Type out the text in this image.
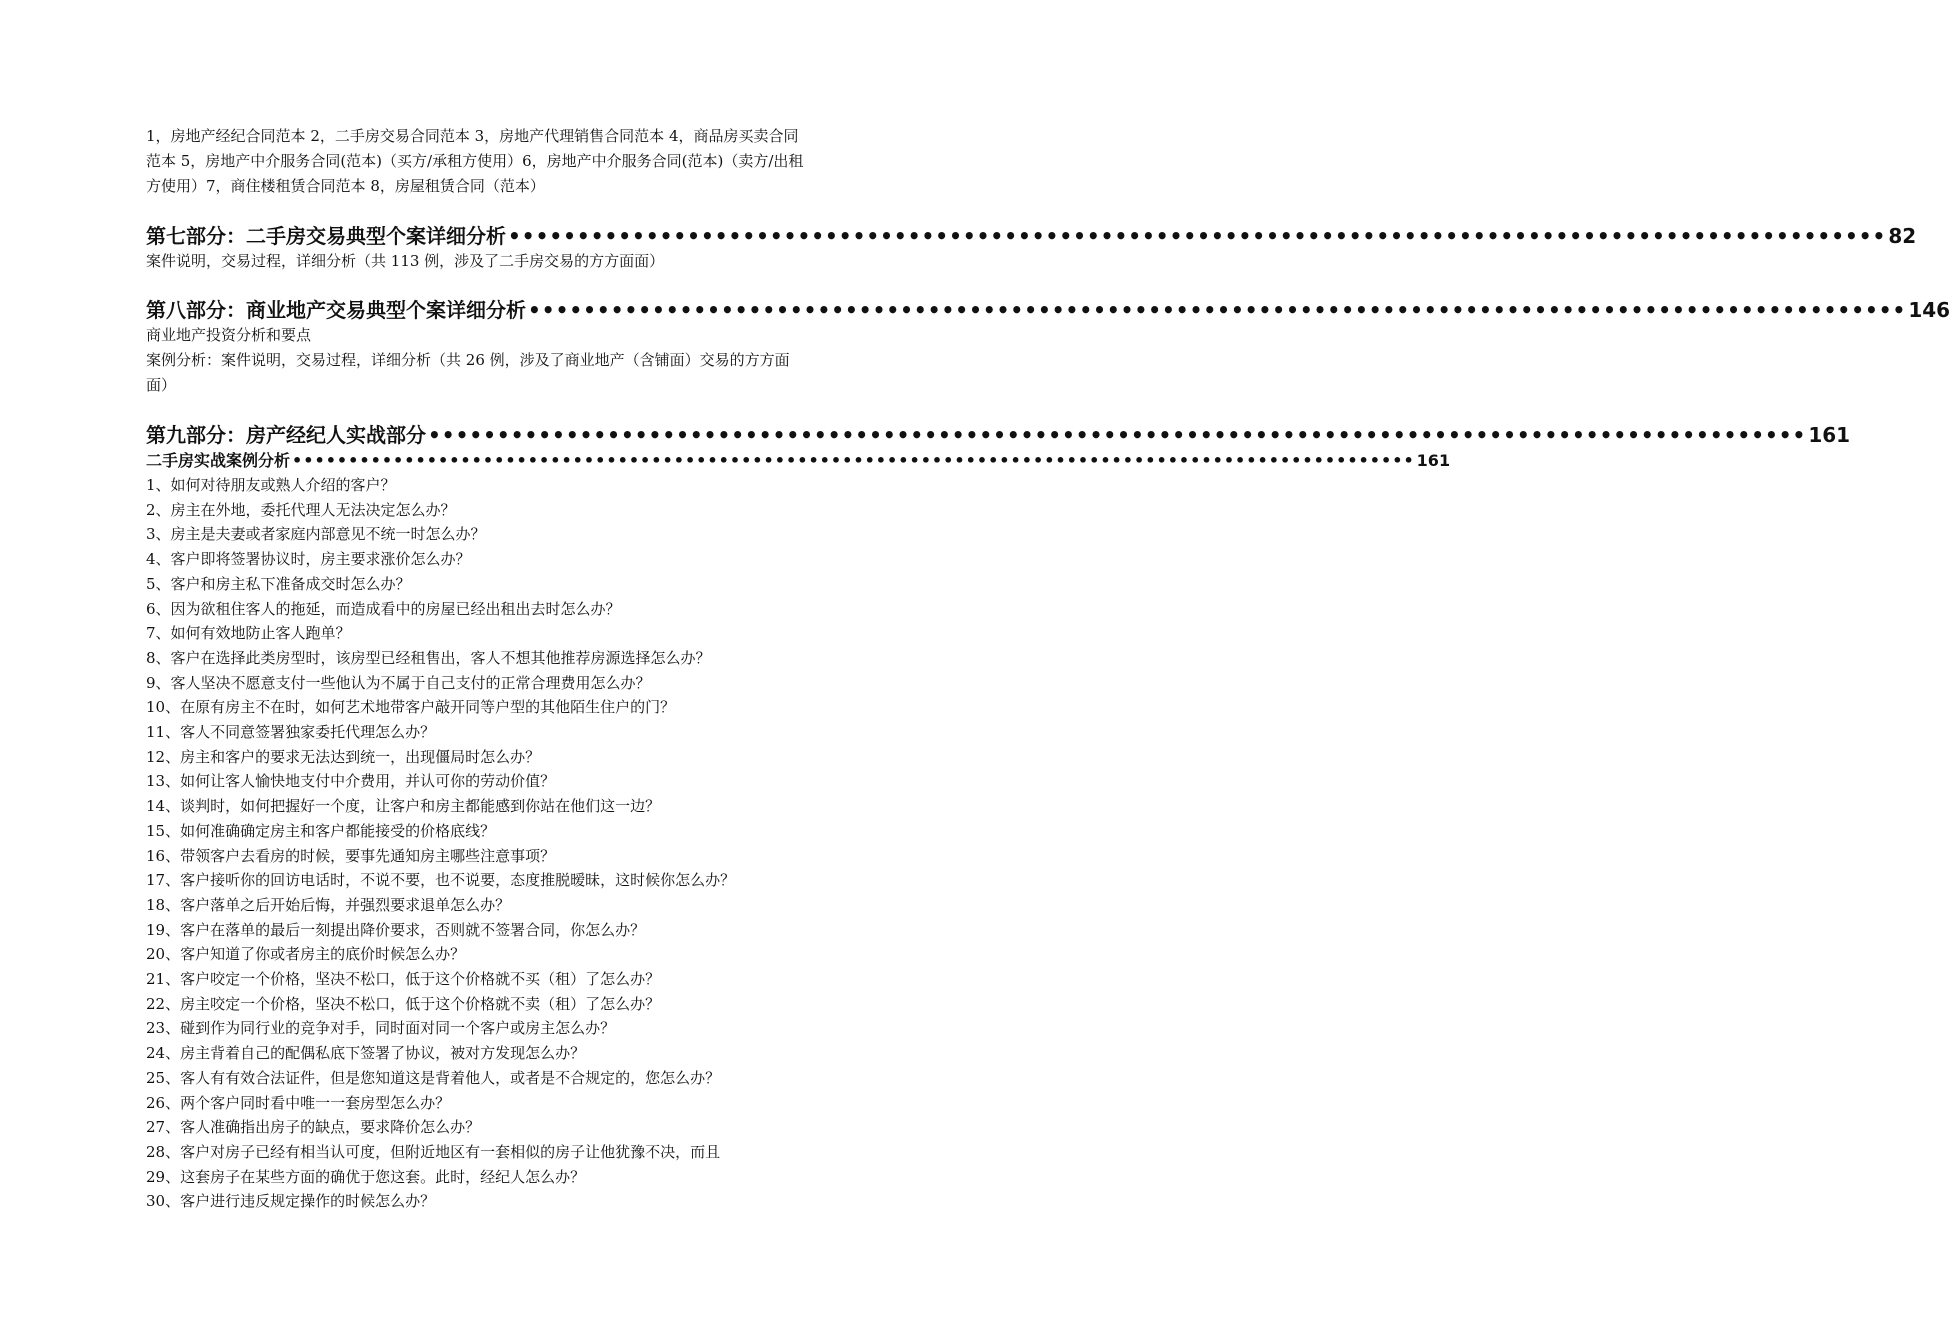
1，房地产经纪合同范本 2，二手房交易合同范本 3，房地产代理销售合同范本 4，商品房买卖合同范本 5，房地产中介服务合同(范本)（买方/承租方使用）6，房地产中介服务合同(范本)（卖方/出租方使用）7，商住楼租赁合同范本 8，房屋租赁合同（范本）
第七部分：二手房交易典型个案详细分析 •••••••••••••••••••••••••••••••••••••••••••••••••••••••••••••••••••••••••••••••••••••••••••••••••••• 82
案件说明，交易过程，详细分析（共 113 例，涉及了二手房交易的方方面面）
第八部分：商业地产交易典型个案详细分析 •••••••••••••••••••••••••••••••••••••••••••••••••••••••••••••••••••••••••••••••••••••••••••••••••••• 146
商业地产投资分析和要点
案例分析：案件说明，交易过程，详细分析（共 26 例，涉及了商业地产（含铺面）交易的方方面面）
第九部分：房产经纪人实战部分 •••••••••••••••••••••••••••••••••••••••••••••••••••••••••••••••••••••••••••••••••••••••••••••••••••• 161
二手房实战案例分析 •••••••••••••••••••••••••••••••••••••••••••••••••••••••••••••••••••••••••••••••••••••••••••••••••••• 161
1、如何对待朋友或熟人介绍的客户？
2、房主在外地，委托代理人无法决定怎么办？
3、房主是夫妻或者家庭内部意见不统一时怎么办？
4、客户即将签署协议时，房主要求涨价怎么办？
5、客户和房主私下准备成交时怎么办？
6、因为欲租住客人的拖延，而造成看中的房屋已经出租出去时怎么办？
7、如何有效地防止客人跑单？
8、客户在选择此类房型时，该房型已经租售出，客人不想其他推荐房源选择怎么办？
9、客人坚决不愿意支付一些他认为不属于自己支付的正常合理费用怎么办？
10、在原有房主不在时，如何艺术地带客户敲开同等户型的其他陌生住户的门？
11、客人不同意签署独家委托代理怎么办？
12、房主和客户的要求无法达到统一，出现僵局时怎么办？
13、如何让客人愉快地支付中介费用，并认可你的劳动价值？
14、谈判时，如何把握好一个度，让客户和房主都能感到你站在他们这一边？
15、如何准确确定房主和客户都能接受的价格底线？
16、带领客户去看房的时候，要事先通知房主哪些注意事项？
17、客户接听你的回访电话时，不说不要，也不说要，态度推脱暧昧，这时候你怎么办？
18、客户落单之后开始后悔，并强烈要求退单怎么办？
19、客户在落单的最后一刻提出降价要求，否则就不签署合同，你怎么办？
20、客户知道了你或者房主的底价时候怎么办？
21、客户咬定一个价格，坚决不松口，低于这个价格就不买（租）了怎么办？
22、房主咬定一个价格，坚决不松口，低于这个价格就不卖（租）了怎么办？
23、碰到作为同行业的竞争对手，同时面对同一个客户或房主怎么办？
24、房主背着自己的配偶私底下签署了协议，被对方发现怎么办？
25、客人有有效合法证件，但是您知道这是背着他人，或者是不合规定的，您怎么办？
26、两个客户同时看中唯一一套房型怎么办？
27、客人准确指出房子的缺点，要求降价怎么办？
28、客户对房子已经有相当认可度，但附近地区有一套相似的房子让他犹豫不决，而且
29、这套房子在某些方面的确优于您这套。此时，经纪人怎么办？
30、客户进行违反规定操作的时候怎么办？
